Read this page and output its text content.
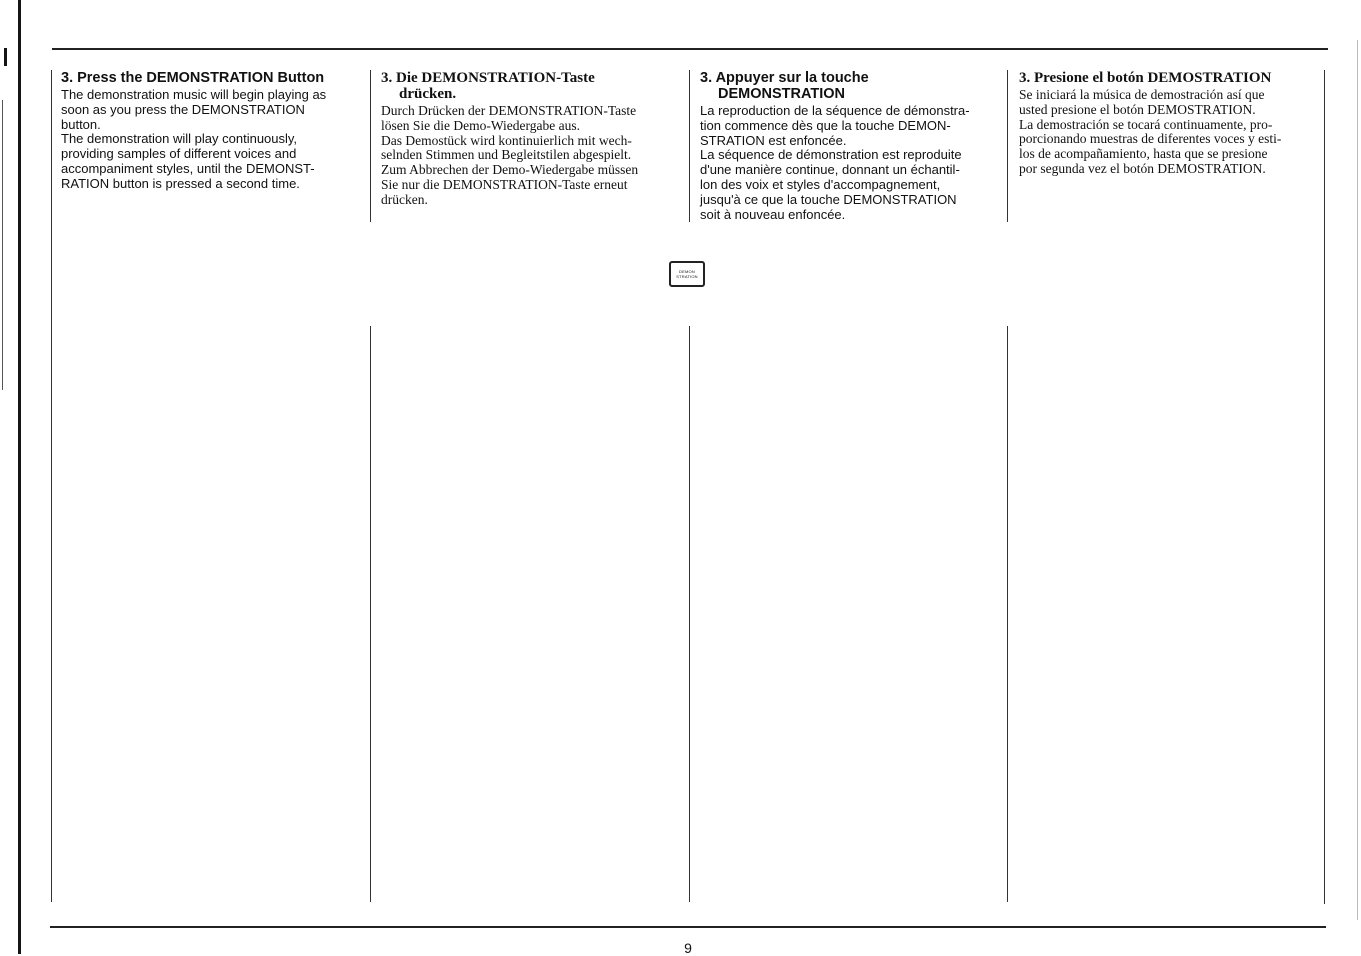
3. Press the DEMONSTRATION Button

The demonstration music will begin playing as
soon as you press the DEMONSTRATION
button.
The demonstration will play continuously,
providing samples of different voices and
accompaniment styles, until the DEMONST-
RATION button is pressed a second time.

3. Die DEMONSTRATION-Taste
drücken.

Durch Drücken der DEMONSTRATION-Taste
lösen Sie die Demo-Wiedergabe aus.
Das Demostück wird kontinuierlich mit wech-
selnden Stimmen und Begleitstilen abgespielt.
Zum Abbrechen der Demo-Wiedergabe müssen
Sie nur die DEMONSTRATION-Taste erneut
drücken.

3. Appuyer sur la touche
DEMONSTRATION

La reproduction de la séquence de démonstra-
tion commence dès que la touche DEMON-
STRATION est enfoncée.
La séquence de démonstration est reproduite
d'une manière continue, donnant un échantil-
lon des voix et styles d'accompagnement,
jusqu'à ce que la touche DEMONSTRATION
soit à nouveau enfoncée.

3. Presione el botón DEMOSTRATION

Se iniciará la música de demostración así que
usted presione el botón DEMOSTRATION.
La demostración se tocará continuamente, pro-
porcionando muestras de diferentes voces y esti-
los de acompañamiento, hasta que se presione
por segunda vez el botón DEMOSTRATION.

DEMON
STRATION
9
